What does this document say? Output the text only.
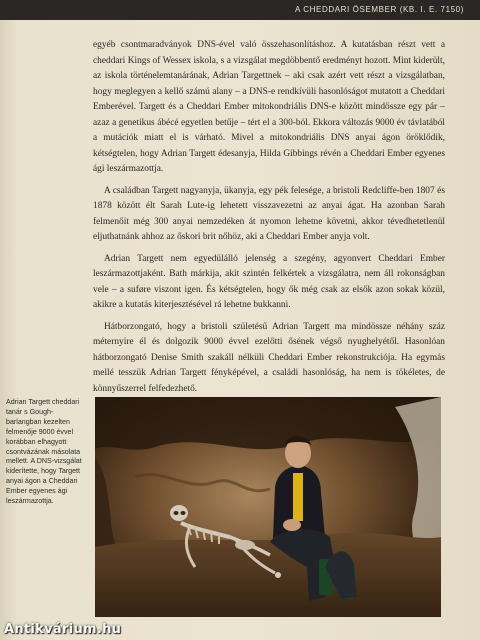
A CHEDDARI ÖSEMBER (KB. I. E. 7150)

egyéb csontmaradványok DNS-ével való összehasonlításhoz. A kutatásban részt vett a cheddari Kings of Wessex iskola, s a vizsgálat megdöbbentő eredményt hozott. Mint kiderült, az iskola történelemtanárának, Adrian Targettnek – aki csak azért vett részt a vizsgálatban, hogy meglegyen a kellő számú alany – a DNS-e rendkívüli hasonlóságot mutatott a Cheddari Emberével. Targett és a Cheddari Ember mitokondriális DNS-e között mindössze egy pár – azaz a genetikus ábécé egyetlen betűje – tért el a 300-ból. Ekkora változás 9000 év távlatából a mutációk miatt el is várható. Mivel a mitokondriális DNS anyai ágon öröklődik, kétségtelen, hogy Adrian Targett édesanyja, Hilda Gibbings révén a Cheddari Ember egyenes ági leszármazottja.

A családban Targett nagyanyja, ükanyja, egy pék felesége, a bristoli Redcliffe-ben 1807 és 1878 között élt Sarah Lute-ig lehetett visszavezetni az anyai ágat. Ha azonban Sarah felmenőit még 300 anyai nemzedéken át nyomon lehetne követni, akkor tévedhetetlenül eljuthatnánk ahhoz az őskori brit nőhöz, aki a Cheddari Ember anyja volt.

Adrian Targett nem egyedülálló jelenség a szegény, agyonvert Cheddari Ember leszármazottjaként. Bath márkija, akit szintén felkértek a vizsgálatra, nem áll rokonságban vele – a suføre viszont igen. És kétségtelen, hogy ők még csak az elsők azon sokak közül, akikre a kutatás kiterjesztésével rá lehetne bukkanni.

Hátborzongató, hogy a bristoli születésű Adrian Targett ma mindössze néhány száz méternyire él és dolgozik 9000 évvel ezelőtti ősének végső nyughelyétől. Hasonlóan hátborzongató Denise Smith szakáll nélküli Cheddari Ember rekonstrukciója. Ha egymás mellé tesszük Adrian Targett fényképével, a családi hasonlóság, ha nem is tökéletes, de könnyűszerrel felfedezhető.

Adrian Targett cheddari tanár s Gough-barlangban kezelten felmenője 9000 évvel korábban elhagyott csontvázának másolata mellett. A DNS-vizsgálat kiderítette, hogy Targett anyai ágon a Cheddari Ember egyenes ági leszármazottja.
Antikvárium.hu
